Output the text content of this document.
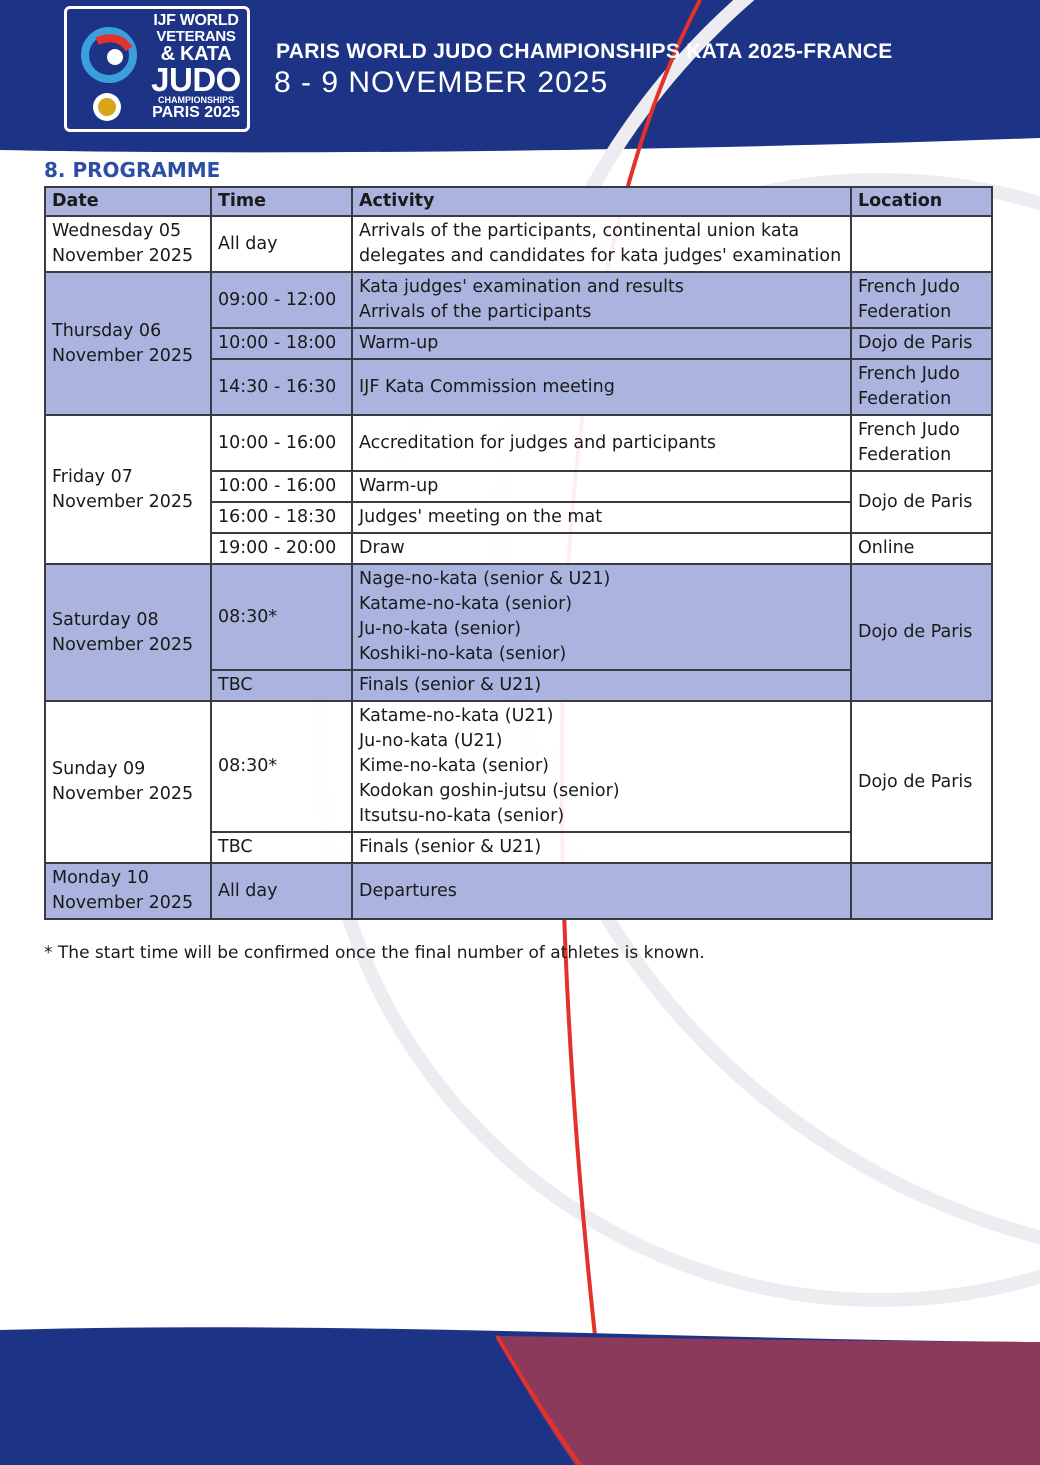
IJF WORLD
VETERANS
& KATA
JUDO
CHAMPIONSHIPS
PARIS 2025
PARIS WORLD JUDO CHAMPIONSHIPS KATA 2025-FRANCE
8 - 9 NOVEMBER 2025
8. PROGRAMME
Date	Time	Activity	Location
Wednesday 05
November 2025	All day	Arrivals of the participants, continental union kata
delegates and candidates for kata judges' examination	
Thursday 06
November 2025	09:00 - 12:00	Kata judges' examination and results
Arrivals of the participants	French Judo
Federation
	10:00 - 18:00	Warm-up	Dojo de Paris
	14:30 - 16:30	IJF Kata Commission meeting	French Judo
Federation
Friday 07
November 2025	10:00 - 16:00	Accreditation for judges and participants	French Judo
Federation
	10:00 - 16:00	Warm-up	Dojo de Paris
	16:00 - 18:30	Judges' meeting on the mat	
	19:00 - 20:00	Draw	Online
Saturday 08
November 2025	08:30*	Nage-no-kata (senior & U21)
Katame-no-kata (senior)
Ju-no-kata (senior)
Koshiki-no-kata (senior)	Dojo de Paris
	TBC	Finals (senior & U21)	
Sunday 09
November 2025	08:30*	Katame-no-kata (U21)
Ju-no-kata (U21)
Kime-no-kata (senior)
Kodokan goshin-jutsu (senior)
Itsutsu-no-kata (senior)	Dojo de Paris
	TBC	Finals (senior & U21)	
Monday 10
November 2025	All day	Departures	
* The start time will be confirmed once the final number of athletes is known.
